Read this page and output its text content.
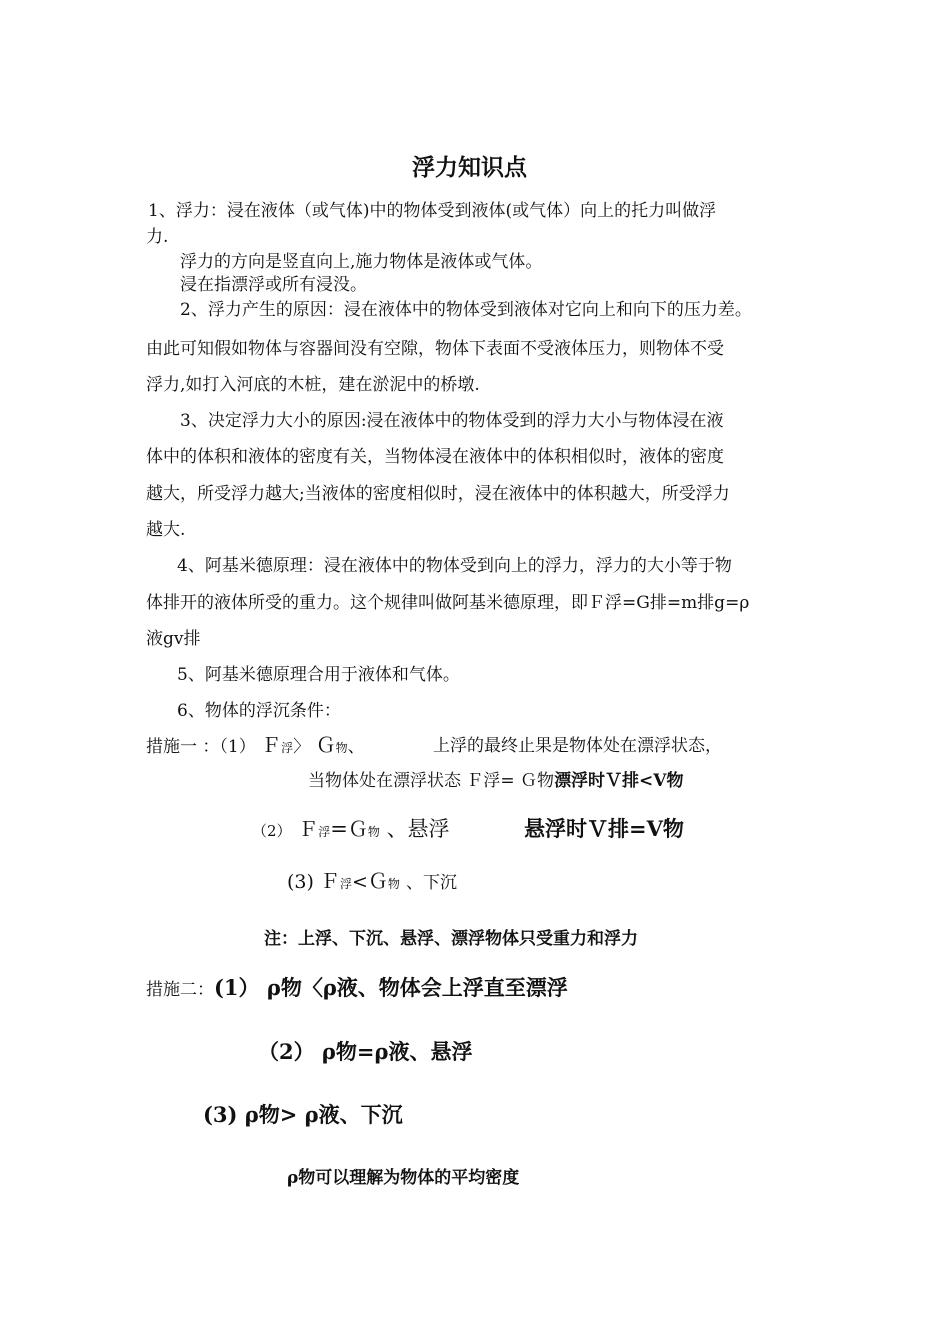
浮力知识点
1、浮力：浸在液体（或气体)中的物体受到液体(或气体）向上的托力叫做浮
力.
浮力的方向是竖直向上,施力物体是液体或气体。
浸在指漂浮或所有浸没。
2、浮力产生的原因：浸在液体中的物体受到液体对它向上和向下的压力差。
由此可知假如物体与容器间没有空隙，物体下表面不受液体压力，则物体不受
浮力,如打入河底的木桩，建在淤泥中的桥墩.
3、决定浮力大小的原因:浸在液体中的物体受到的浮力大小与物体浸在液
体中的体积和液体的密度有关，当物体浸在液体中的体积相似时，液体的密度
越大，所受浮力越大;当液体的密度相似时，浸在液体中的体积越大，所受浮力
越大.
4、阿基米德原理：浸在液体中的物体受到向上的浮力，浮力的大小等于物
体排开的液体所受的重力。这个规律叫做阿基米德原理，即Ｆ浮=G排=m排g=ρ
液gv排
5、阿基米德原理合用于液体和气体。
6、物体的浮沉条件：
措施一 ：（1） Ｆ浮〉 Ｇ物、	上浮的最终止果是物体处在漂浮状态，
当物体处在漂浮状态 Ｆ浮= Ｇ物漂浮时Ｖ排<V物
（2） Ｆ浮=Ｇ物 、悬浮	悬浮时Ｖ排=V物
(3) Ｆ浮<Ｇ物 、下沉
注：上浮、下沉、悬浮、漂浮物体只受重力和浮力
措施二：(1） ρ物〈ρ液、物体会上浮直至漂浮
（2） ρ物=ρ液、悬浮
(3) ρ物> ρ液、下沉
ρ物可以理解为物体的平均密度
